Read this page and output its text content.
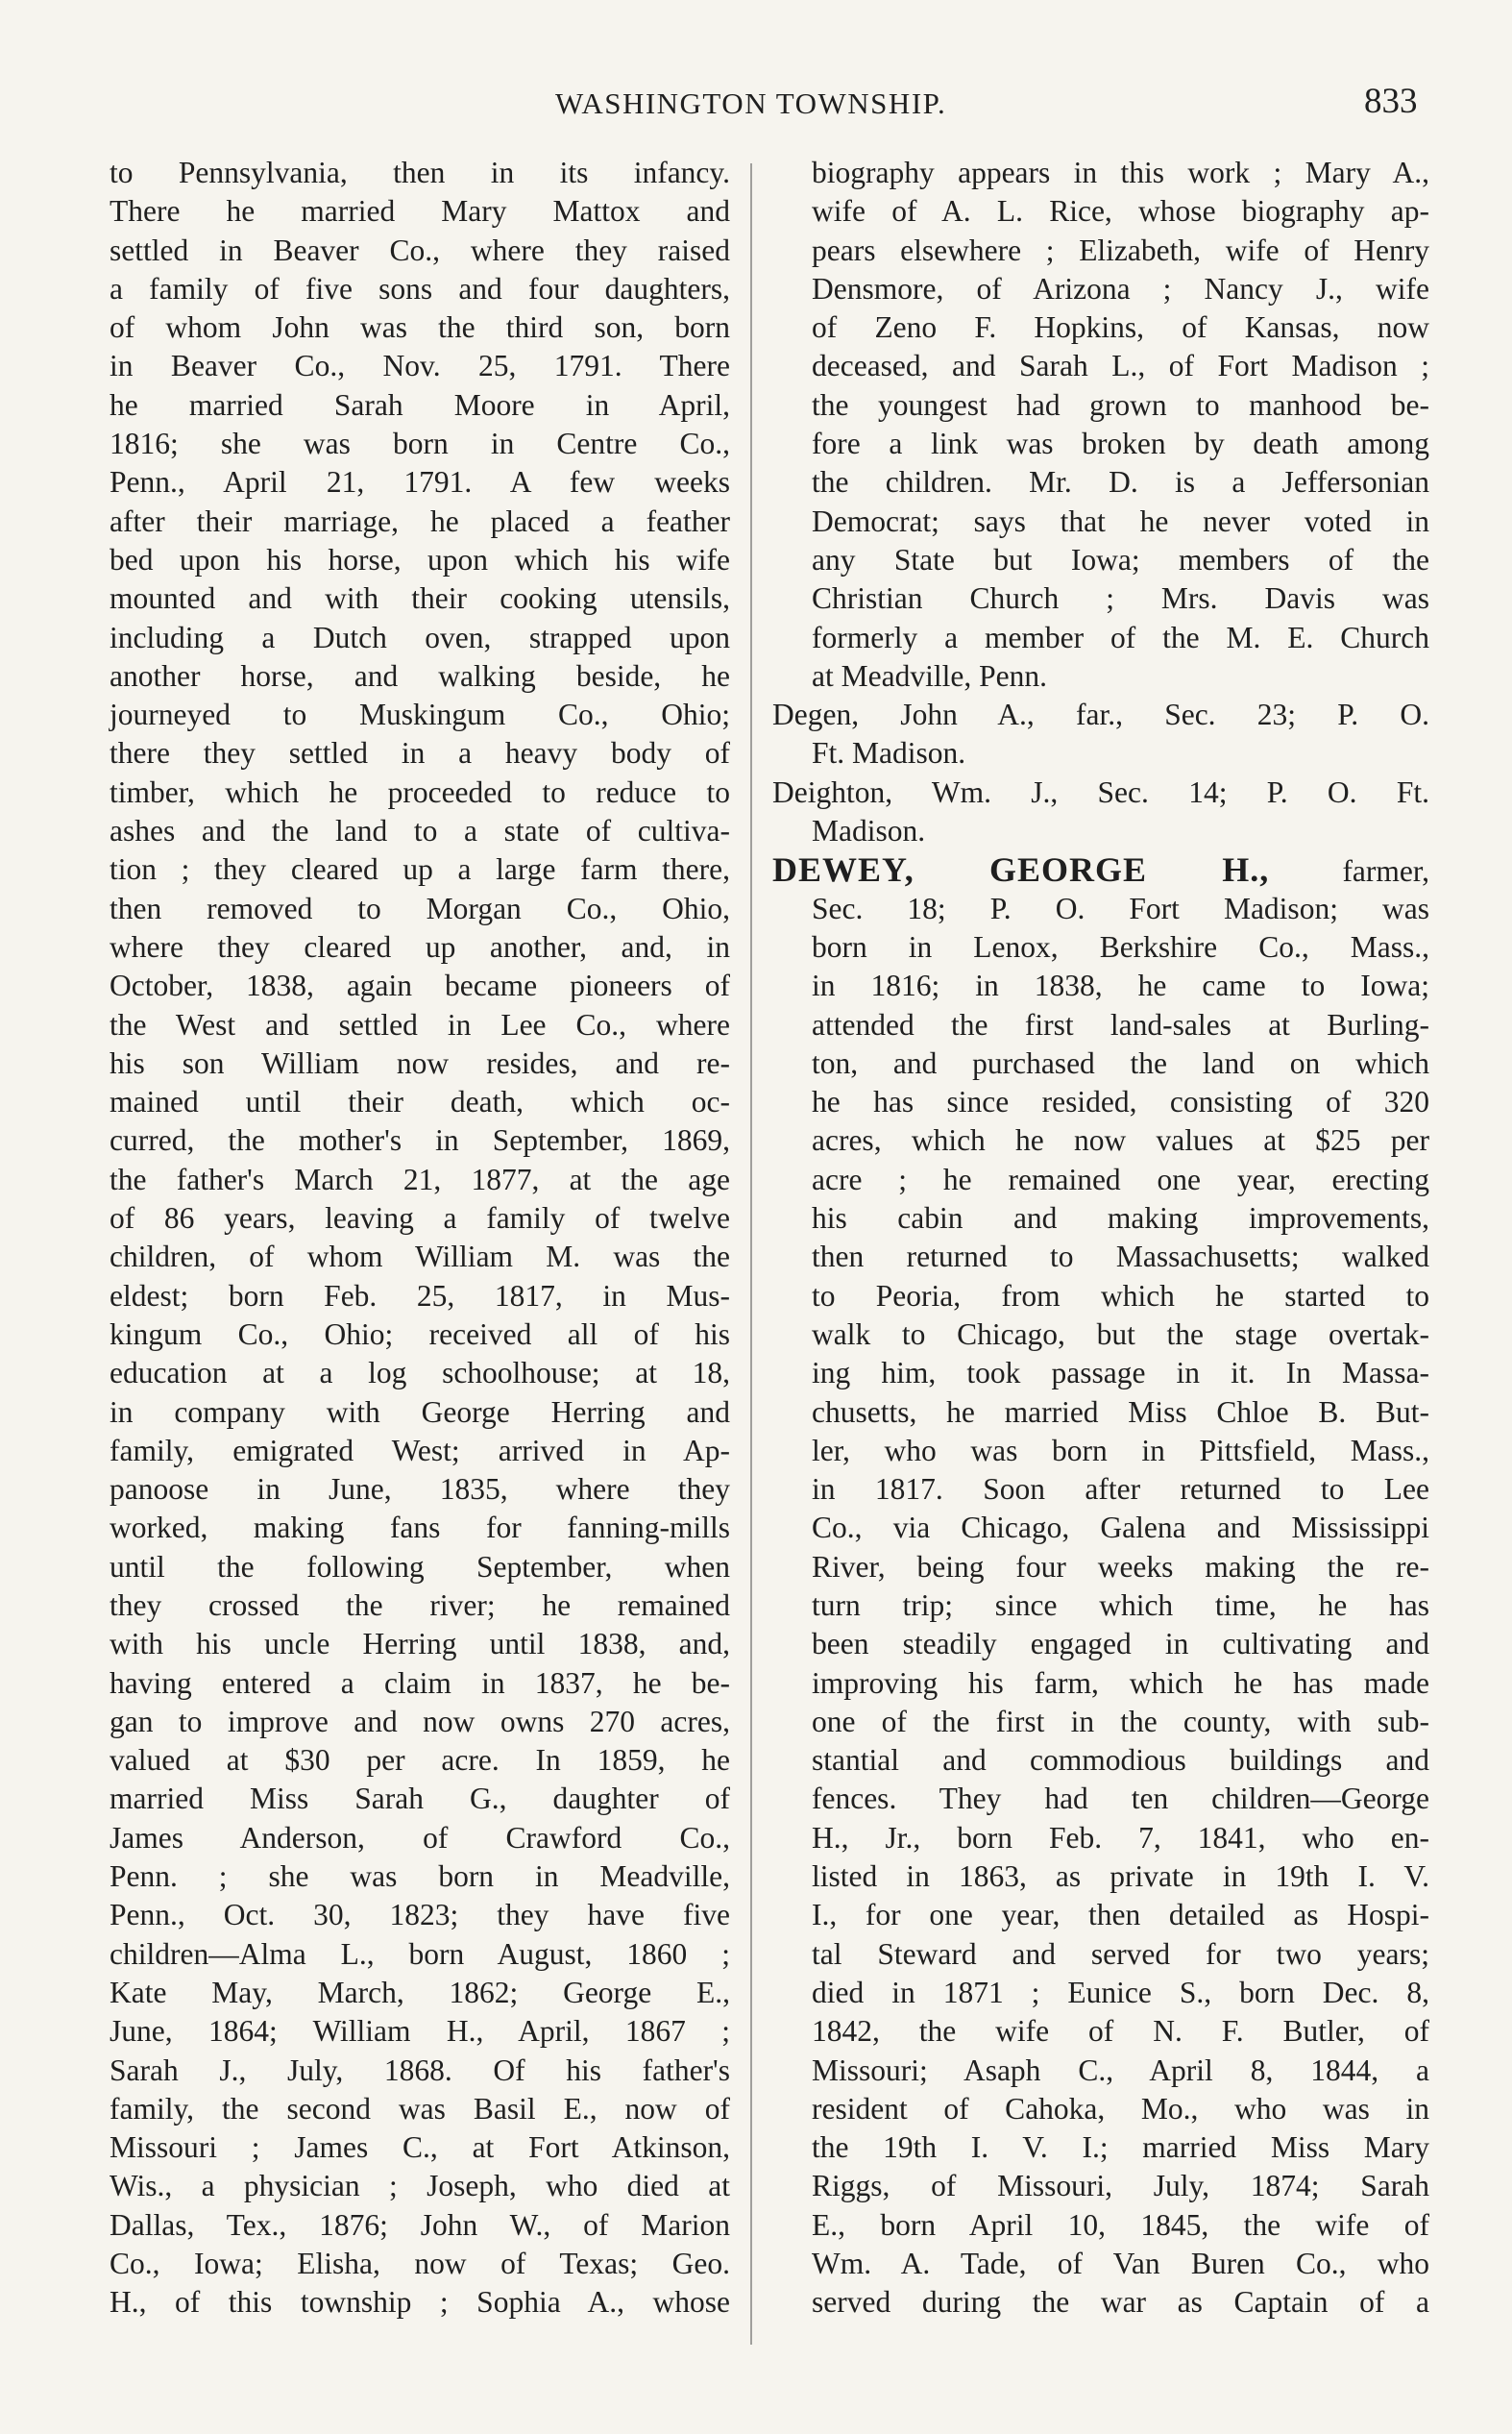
WASHINGTON TOWNSHIP.	833
to Pennsylvania, then in its infancy.
There he married Mary Mattox and
settled in Beaver Co., where they raised
a family of five sons and four daughters,
of whom John was the third son, born
in Beaver Co., Nov. 25, 1791. There
he married Sarah Moore in April,
1816; she was born in Centre Co.,
Penn., April 21, 1791. A few weeks
after their marriage, he placed a feather
bed upon his horse, upon which his wife
mounted and with their cooking utensils,
including a Dutch oven, strapped upon
another horse, and walking beside, he
journeyed to Muskingum Co., Ohio;
there they settled in a heavy body of
timber, which he proceeded to reduce to
ashes and the land to a state of cultiva-
tion ; they cleared up a large farm there,
then removed to Morgan Co., Ohio,
where they cleared up another, and, in
October, 1838, again became pioneers of
the West and settled in Lee Co., where
his son William now resides, and re-
mained until their death, which oc-
curred, the mother's in September, 1869,
the father's March 21, 1877, at the age
of 86 years, leaving a family of twelve
children, of whom William M. was the
eldest; born Feb. 25, 1817, in Mus-
kingum Co., Ohio; received all of his
education at a log schoolhouse; at 18,
in company with George Herring and
family, emigrated West; arrived in Ap-
panoose in June, 1835, where they
worked, making fans for fanning-mills
until the following September, when
they crossed the river; he remained
with his uncle Herring until 1838, and,
having entered a claim in 1837, he be-
gan to improve and now owns 270 acres,
valued at $30 per acre. In 1859, he
married Miss Sarah G., daughter of
James Anderson, of Crawford Co.,
Penn. ; she was born in Meadville,
Penn., Oct. 30, 1823; they have five
children—Alma L., born August, 1860 ;
Kate May, March, 1862; George E.,
June, 1864; William H., April, 1867 ;
Sarah J., July, 1868. Of his father's
family, the second was Basil E., now of
Missouri ; James C., at Fort Atkinson,
Wis., a physician ; Joseph, who died at
Dallas, Tex., 1876; John W., of Marion
Co., Iowa; Elisha, now of Texas; Geo.
H., of this township ; Sophia A., whose
biography appears in this work ; Mary A.,
wife of A. L. Rice, whose biography ap-
pears elsewhere ; Elizabeth, wife of Henry
Densmore, of Arizona ; Nancy J., wife
of Zeno F. Hopkins, of Kansas, now
deceased, and Sarah L., of Fort Madison ;
the youngest had grown to manhood be-
fore a link was broken by death among
the children. Mr. D. is a Jeffersonian
Democrat; says that he never voted in
any State but Iowa; members of the
Christian Church ; Mrs. Davis was
formerly a member of the M. E. Church
at Meadville, Penn.
Degen, John A., far., Sec. 23; P. O.
Ft. Madison.
Deighton, Wm. J., Sec. 14; P. O. Ft.
Madison.
DEWEY, GEORGE H., farmer,
Sec. 18; P. O. Fort Madison; was
born in Lenox, Berkshire Co., Mass.,
in 1816; in 1838, he came to Iowa;
attended the first land-sales at Burling-
ton, and purchased the land on which
he has since resided, consisting of 320
acres, which he now values at $25 per
acre ; he remained one year, erecting
his cabin and making improvements,
then returned to Massachusetts; walked
to Peoria, from which he started to
walk to Chicago, but the stage overtak-
ing him, took passage in it. In Massa-
chusetts, he married Miss Chloe B. But-
ler, who was born in Pittsfield, Mass.,
in 1817. Soon after returned to Lee
Co., via Chicago, Galena and Mississippi
River, being four weeks making the re-
turn trip; since which time, he has
been steadily engaged in cultivating and
improving his farm, which he has made
one of the first in the county, with sub-
stantial and commodious buildings and
fences. They had ten children—George
H., Jr., born Feb. 7, 1841, who en-
listed in 1863, as private in 19th I. V.
I., for one year, then detailed as Hospi-
tal Steward and served for two years;
died in 1871 ; Eunice S., born Dec. 8,
1842, the wife of N. F. Butler, of
Missouri; Asaph C., April 8, 1844, a
resident of Cahoka, Mo., who was in
the 19th I. V. I.; married Miss Mary
Riggs, of Missouri, July, 1874; Sarah
E., born April 10, 1845, the wife of
Wm. A. Tade, of Van Buren Co., who
served during the war as Captain of a
